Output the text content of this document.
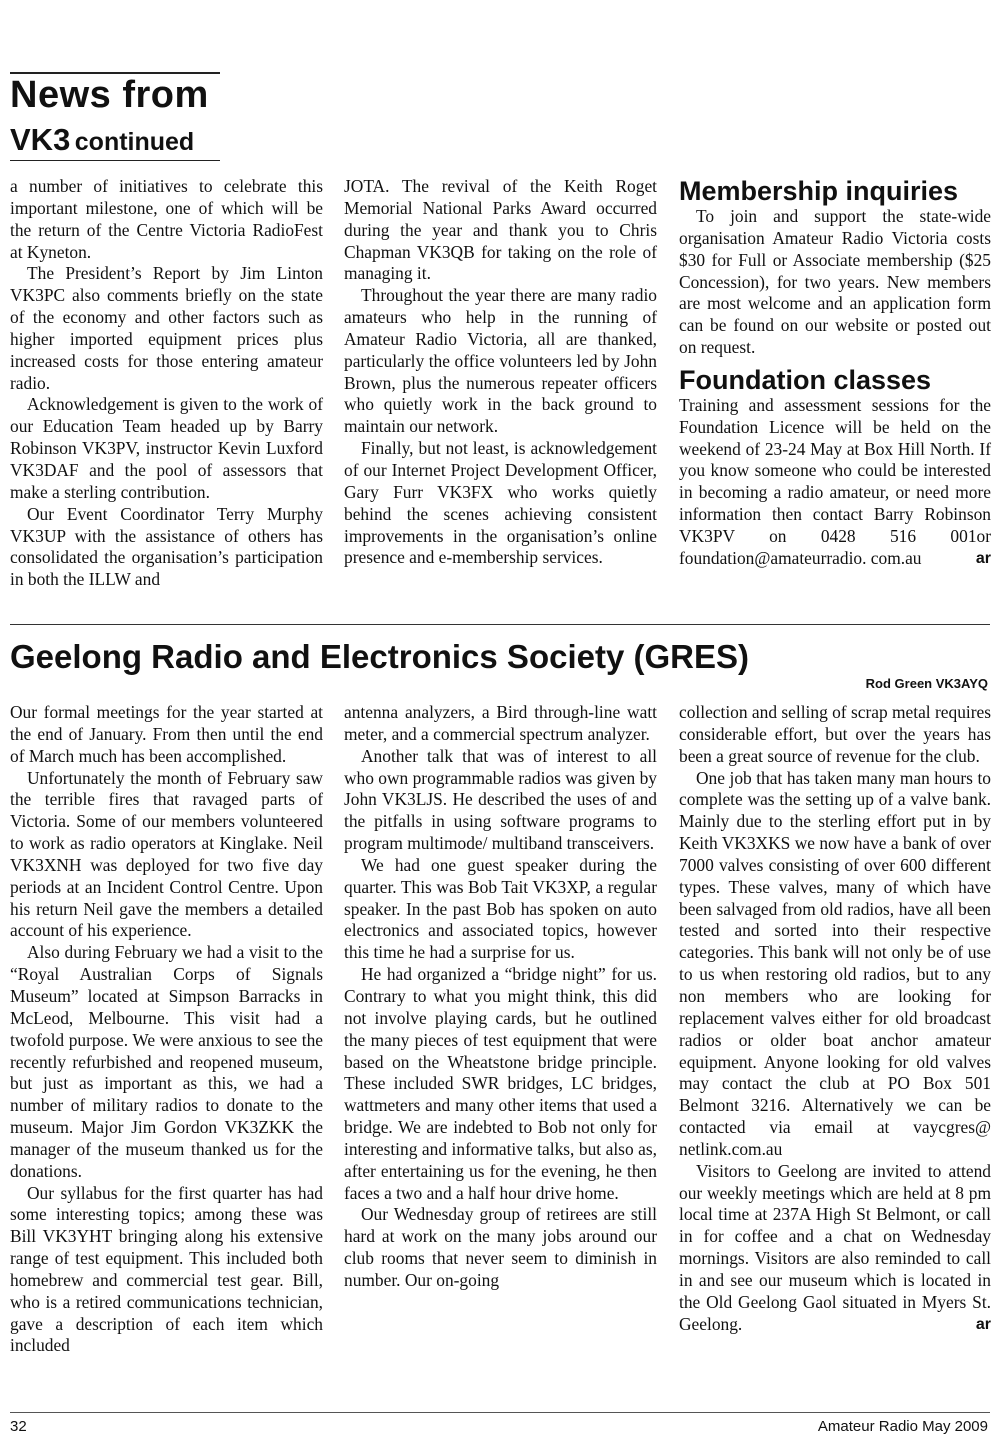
News from
VK3 continued

a number of initiatives to celebrate this important milestone, one of which will be the return of the Centre Victoria RadioFest at Kyneton.

The President’s Report by Jim Linton VK3PC also comments briefly on the state of the economy and other factors such as higher imported equipment prices plus increased costs for those entering amateur radio.

Acknowledgement is given to the work of our Education Team headed up by Barry Robinson VK3PV, instructor Kevin Luxford VK3DAF and the pool of assessors that make a sterling contribution.

Our Event Coordinator Terry Murphy VK3UP with the assistance of others has consolidated the organisation’s participation in both the ILLW and

JOTA. The revival of the Keith Roget Memorial National Parks Award occurred during the year and thank you to Chris Chapman VK3QB for taking on the role of managing it.

Throughout the year there are many radio amateurs who help in the running of Amateur Radio Victoria, all are thanked, particularly the office volunteers led by John Brown, plus the numerous repeater officers who quietly work in the back ground to maintain our network.

Finally, but not least, is acknowledgement of our Internet Project Development Officer, Gary Furr VK3FX who works quietly behind the scenes achieving consistent improvements in the organisation’s online presence and e-membership services.

Membership inquiries

To join and support the state-wide organisation Amateur Radio Victoria costs $30 for Full or Associate membership ($25 Concession), for two years. New members are most welcome and an application form can be found on our website or posted out on request.

Foundation classes

Training and assessment sessions for the Foundation Licence will be held on the weekend of 23-24 May at Box Hill North. If you know someone who could be interested in becoming a radio amateur, or need more information then contact Barry Robinson VK3PV on 0428 516 001or foundation@amateurradio. com.au	ar

Geelong Radio and Electronics Society (GRES)
Rod Green VK3AYQ

Our formal meetings for the year started at the end of January. From then until the end of March much has been accomplished.

Unfortunately the month of February saw the terrible fires that ravaged parts of Victoria. Some of our members volunteered to work as radio operators at Kinglake. Neil VK3XNH was deployed for two five day periods at an Incident Control Centre. Upon his return Neil gave the members a detailed account of his experience.

Also during February we had a visit to the “Royal Australian Corps of Signals Museum” located at Simpson Barracks in McLeod, Melbourne. This visit had a twofold purpose. We were anxious to see the recently refurbished and reopened museum, but just as important as this, we had a number of military radios to donate to the museum. Major Jim Gordon VK3ZKK the manager of the museum thanked us for the donations.

Our syllabus for the first quarter has had some interesting topics; among these was Bill VK3YHT bringing along his extensive range of test equipment. This included both homebrew and commercial test gear. Bill, who is a retired communications technician, gave a description of each item which included

antenna analyzers, a Bird through-line watt meter, and a commercial spectrum analyzer.

Another talk that was of interest to all who own programmable radios was given by John VK3LJS. He described the uses of and the pitfalls in using software programs to program multimode/ multiband transceivers.

We had one guest speaker during the quarter. This was Bob Tait VK3XP, a regular speaker. In the past Bob has spoken on auto electronics and associated topics, however this time he had a surprise for us.

He had organized a “bridge night” for us. Contrary to what you might think, this did not involve playing cards, but he outlined the many pieces of test equipment that were based on the Wheatstone bridge principle. These included SWR bridges, LC bridges, wattmeters and many other items that used a bridge. We are indebted to Bob not only for interesting and informative talks, but also as, after entertaining us for the evening, he then faces a two and a half hour drive home.

Our Wednesday group of retirees are still hard at work on the many jobs around our club rooms that never seem to diminish in number. Our on-going

collection and selling of scrap metal requires considerable effort, but over the years has been a great source of revenue for the club.

One job that has taken many man hours to complete was the setting up of a valve bank. Mainly due to the sterling effort put in by Keith VK3XKS we now have a bank of over 7000 valves consisting of over 600 different types. These valves, many of which have been salvaged from old radios, have all been tested and sorted into their respective categories. This bank will not only be of use to us when restoring old radios, but to any non members who are looking for replacement valves either for old broadcast radios or older boat anchor amateur equipment. Anyone looking for old valves may contact the club at PO Box 501 Belmont 3216. Alternatively we can be contacted via email at vaycgres@ netlink.com.au

Visitors to Geelong are invited to attend our weekly meetings which are held at 8 pm local time at 237A High St Belmont, or call in for coffee and a chat on Wednesday mornings. Visitors are also reminded to call in and see our museum which is located in the Old Geelong Gaol situated in Myers St. Geelong.	ar

32	Amateur Radio May 2009
